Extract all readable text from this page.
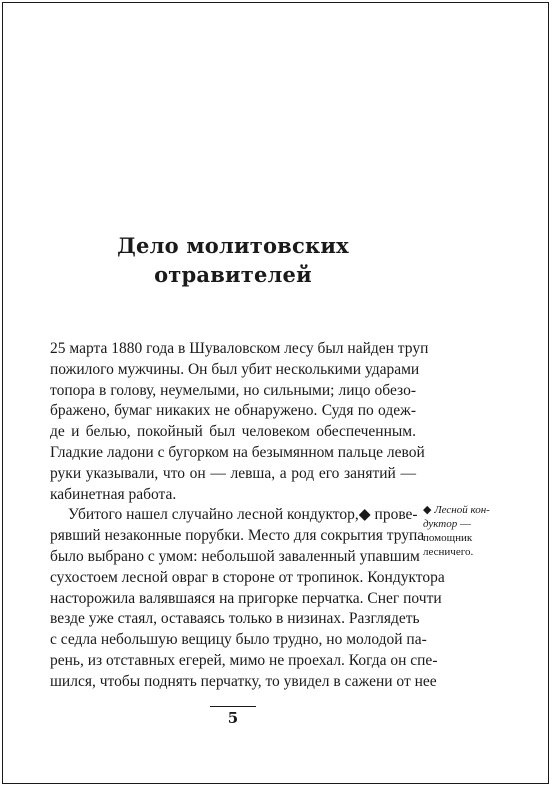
Дело молитовских
отравителей
25 марта 1880 года в Шуваловском лесу был найден труп
пожилого мужчины. Он был убит несколькими ударами
топора в голову, неумелыми, но сильными; лицо обезо-
бражено, бумаг никаких не обнаружено. Судя по одеж-
де и белью, покойный был человеком обеспеченным.
Гладкие ладони с бугорком на безымянном пальце левой
руки указывали, что он — левша, а род его занятий —
кабинетная работа.
Убитого нашел случайно лесной кондуктор,◆ прове-
рявший незаконные порубки. Место для сокрытия трупа
было выбрано с умом: небольшой заваленный упавшим
сухостоем лесной овраг в стороне от тропинок. Кондуктора
насторожила валявшаяся на пригорке перчатка. Снег почти
везде уже стаял, оставаясь только в низинах. Разглядеть
с седла небольшую вещицу было трудно, но молодой па-
рень, из отставных егерей, мимо не проехал. Когда он спе-
шился, чтобы поднять перчатку, то увидел в сажени от нее
◆ Лесной кон-
дуктор —
помощник
лесничего.
5
